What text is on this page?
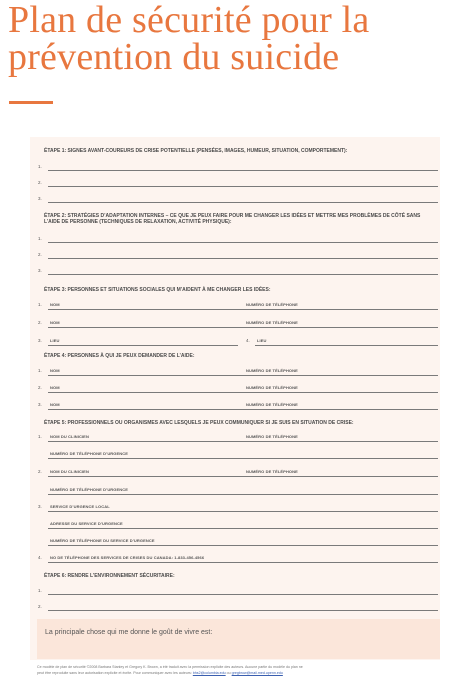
Plan de sécurité pour la
prévention du suicide
ÉTAPE 1: SIGNES AVANT-COUREURS DE CRISE POTENTIELLE (PENSÉES, IMAGES, HUMEUR, SITUATION, COMPORTEMENT):
1.
2.
3.
ÉTAPE 2: STRATÉGIES D’ADAPTATION INTERNES – CE QUE JE PEUX FAIRE POUR ME CHANGER LES IDÉES ET METTRE MES PROBLÈMES DE CÔTÉ SANS L’AIDE DE PERSONNE (TECHNIQUES DE RELAXATION, ACTIVITÉ PHYSIQUE):
1.
2.
3.
ÉTAPE 3: PERSONNES ET SITUATIONS SOCIALES QUI M’AIDENT À ME CHANGER LES IDÉES:
1. NOM	NUMÉRO DE TÉLÉPHONE
2. NOM	NUMÉRO DE TÉLÉPHONE
3. LIEU	4. LIEU
ÉTAPE 4: PERSONNES À QUI JE PEUX DEMANDER DE L’AIDE:
1. NOM	NUMÉRO DE TÉLÉPHONE
2. NOM	NUMÉRO DE TÉLÉPHONE
3. NOM	NUMÉRO DE TÉLÉPHONE
ÉTAPE 5: PROFESSIONNELS OU ORGANISMES AVEC LESQUELS JE PEUX COMMUNIQUER SI JE SUIS EN SITUATION DE CRISE:
1. NOM DU CLINICIEN	NUMÉRO DE TÉLÉPHONE
NUMÉRO DE TÉLÉPHONE D’URGENCE
2. NOM DU CLINICIEN	NUMÉRO DE TÉLÉPHONE
NUMÉRO DE TÉLÉPHONE D’URGENCE
3. SERVICE D’URGENCE LOCAL
ADRESSE DU SERVICE D’URGENCE
NUMÉRO DE TÉLÉPHONE DU SERVICE D’URGENCE
4. NO DE TÉLÉPHONE DES SERVICES DE CRISES DU CANADA: 1-833-456-4566
ÉTAPE 6: RENDRE L’ENVIRONNEMENT SÉCURITAIRE:
1.
2.
La principale chose qui me donne le goût de vivre est:
Ce modèle de plan de sécurité ©2008 Barbara Stanley et Gregory K. Brown, a été traduit avec la permission explicite des auteurs. Aucune partie du modèle du plan ne
peut être reproduite sans leur autorisation explicite et écrite. Pour communiquer avec les auteurs: bhs2@columbia.edu ou gregbrow@mail.med.upenn.edu
